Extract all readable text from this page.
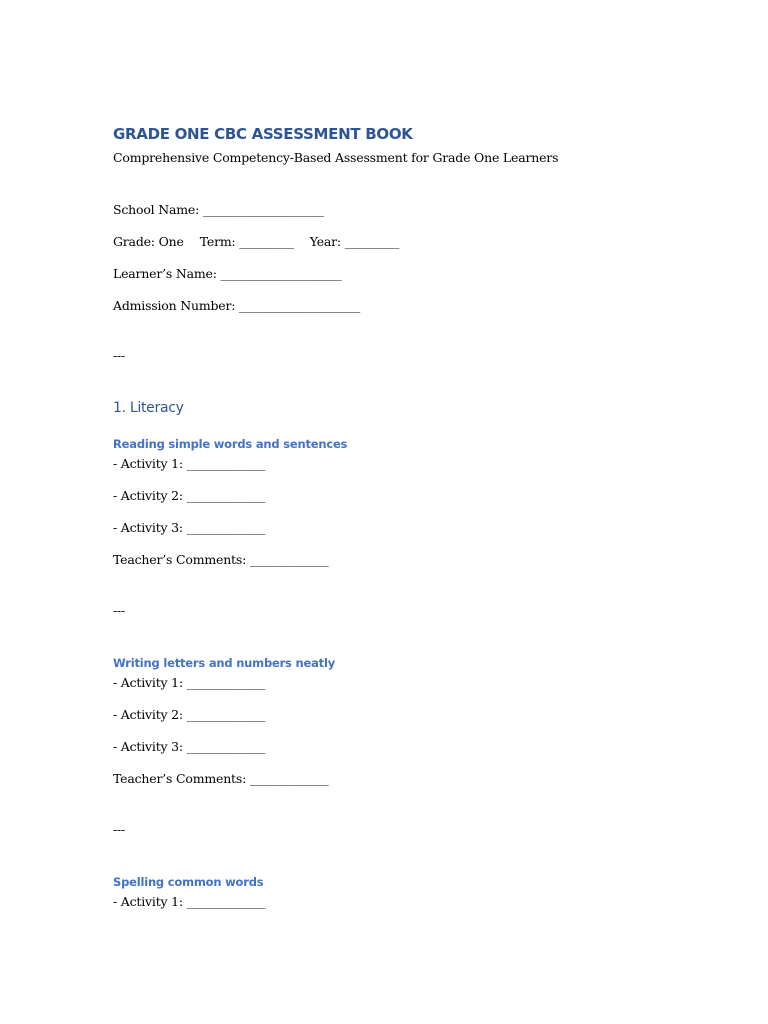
GRADE ONE CBC ASSESSMENT BOOK
Comprehensive Competency-Based Assessment for Grade One Learners
School Name: ____________________
Grade: One Term: _________ Year: _________
Learner’s Name: ____________________
Admission Number: ____________________
---
1. Literacy
Reading simple words and sentences
- Activity 1: _____________
- Activity 2: _____________
- Activity 3: _____________
Teacher’s Comments: _____________
---
Writing letters and numbers neatly
- Activity 1: _____________
- Activity 2: _____________
- Activity 3: _____________
Teacher’s Comments: _____________
---
Spelling common words
- Activity 1: _____________
